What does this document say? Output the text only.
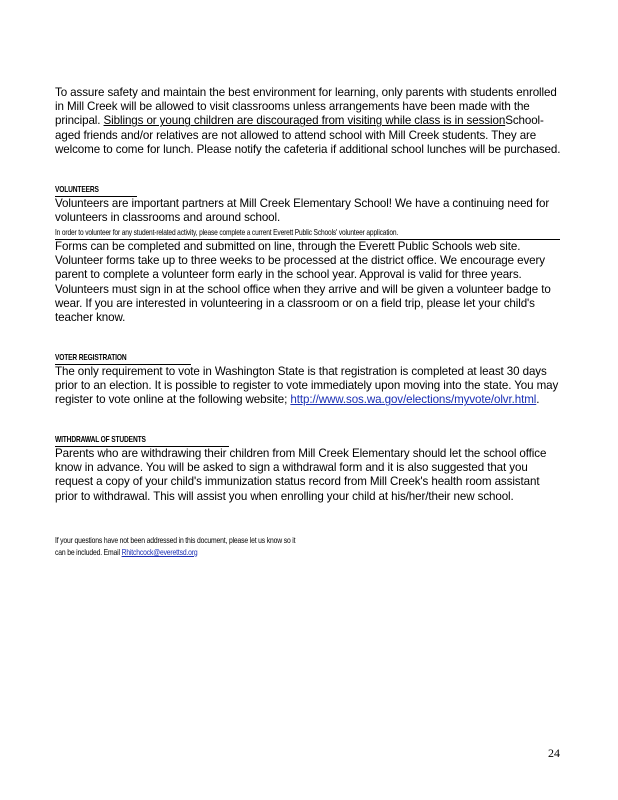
To assure safety and maintain the best environment for learning, only parents with students enrolled in Mill Creek will be allowed to visit classrooms unless arrangements have been made with the principal. Siblings or young children are discouraged from visiting while class is in sessionSchool-aged friends and/or relatives are not allowed to attend school with Mill Creek students. They are welcome to come for lunch. Please notify the cafeteria if additional school lunches will be purchased.

VOLUNTEERS

Volunteers are important partners at Mill Creek Elementary School! We have a continuing need for volunteers in classrooms and around school. In order to volunteer for any student-related activity, please complete a current Everett Public Schools' volunteer application.

Forms can be completed and submitted on line, through the Everett Public Schools web site. Volunteer forms take up to three weeks to be processed at the district office. We encourage every parent to complete a volunteer form early in the school year. Approval is valid for three years. Volunteers must sign in at the school office when they arrive and will be given a volunteer badge to wear. If you are interested in volunteering in a classroom or on a field trip, please let your child's teacher know.

VOTER REGISTRATION

The only requirement to vote in Washington State is that registration is completed at least 30 days prior to an election. It is possible to register to vote immediately upon moving into the state. You may register to vote online at the following website; http://www.sos.wa.gov/elections/myvote/olvr.html.

WITHDRAWAL OF STUDENTS

Parents who are withdrawing their children from Mill Creek Elementary should let the school office know in advance. You will be asked to sign a withdrawal form and it is also suggested that you request a copy of your child's immunization status record from Mill Creek's health room assistant prior to withdrawal. This will assist you when enrolling your child at his/her/their new school.

If your questions have not been addressed in this document, please let us know so it
can be included. Email Rhitchcock@everettsd.org
24
